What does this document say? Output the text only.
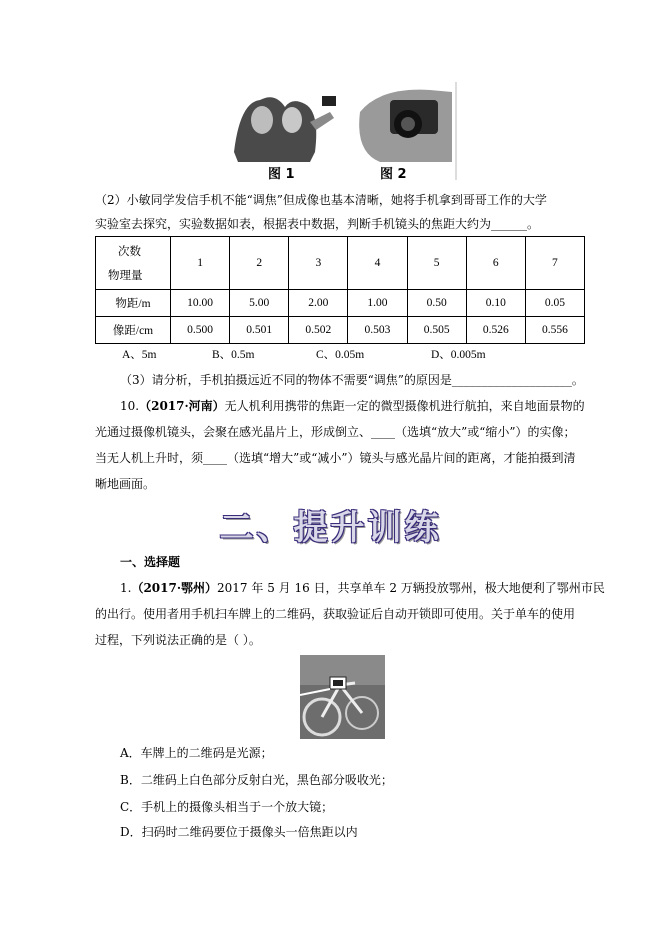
图 1	图 2
（2）小敏同学发信手机不能“调焦”但成像也基本清晰，她将手机拿到哥哥工作的大学
实验室去探究，实验数据如表，根据表中数据，判断手机镜头的焦距大约为______。
次数
物理量	1	2	3	4	5	6	7
物距/m	10.00	5.00	2.00	1.00	0.50	0.10	0.05
像距/cm	0.500	0.501	0.502	0.503	0.505	0.526	0.556
A、5m	B、0.5m	C、0.05m	D、0.005m
（3）请分析，手机拍摄远近不同的物体不需要“调焦”的原因是____________________。
10.（2017·河南）无人机利用携带的焦距一定的微型摄像机进行航拍，来自地面景物的
光通过摄像机镜头，会聚在感光晶片上，形成倒立、____（选填“放大”或“缩小”）的实像；
当无人机上升时，须____（选填“增大”或“减小”）镜头与感光晶片间的距离，才能拍摄到清
晰地画面。
二、提升训练
一、选择题
1.（2017·鄂州）2017 年 5 月 16 日，共享单车 2 万辆投放鄂州，极大地便利了鄂州市民
的出行。使用者用手机扫车牌上的二维码，获取验证后自动开锁即可使用。关于单车的使用
过程，下列说法正确的是（ ）。
A．车牌上的二维码是光源；
B．二维码上白色部分反射白光，黑色部分吸收光；
C．手机上的摄像头相当于一个放大镜；
D．扫码时二维码要位于摄像头一倍焦距以内
